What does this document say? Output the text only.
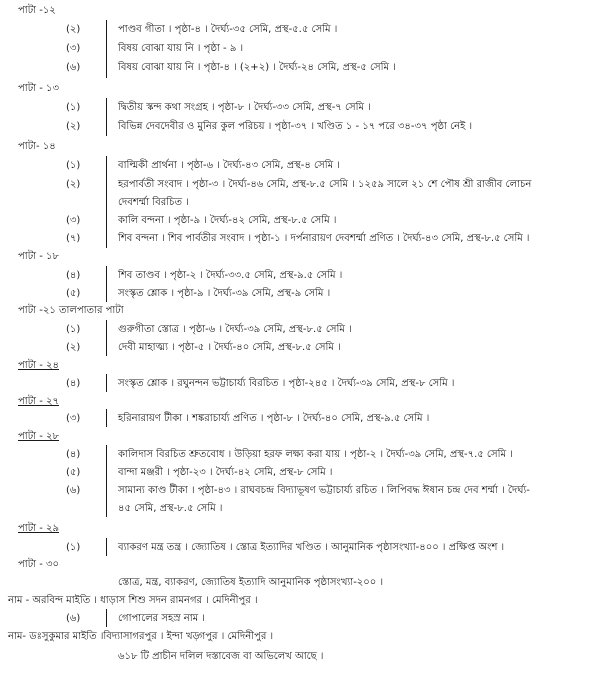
পাটা -১২
(২)	পাণ্ডব গীতা । পৃষ্ঠা-৪ । দৈর্ঘ্য-৩৫ সেমি, প্রস্থ-৫.৫ সেমি ।
(৩)	বিষয় বোঝা যায় নি । পৃষ্ঠা - ৯ ।
(৬)	বিষয় বোঝা যায় নি । পৃষ্ঠা-৪ । (২+২) । দৈর্ঘ্য-২৪ সেমি, প্রস্থ-৫ সেমি ।
পাটা - ১৩
(১)	দ্বিতীয় স্কন্দ কথা সংগ্রহ । পৃষ্ঠা-৮ । দৈর্ঘ্য-৩৩ সেমি, প্রস্থ-৭ সেমি ।
(২)	বিভিন্ন দেবদেবীর ও মুনির কুল পরিচয় । পৃষ্ঠা-৩৭ । খণ্ডিত ১ - ১৭ পরে ৩৪-৩৭ পৃষ্ঠা নেই ।
পাটা- ১৪
(১)	বাল্মিকী প্রার্থনা । পৃষ্ঠা-৬ । দৈর্ঘ্য-৪৩ সেমি, প্রস্থ-৪ সেমি ।
(২)	হরপার্বতী সংবাদ । পৃষ্ঠা-৩ । দৈর্ঘ্য-৪৬ সেমি, প্রস্থ-৮.৫ সেমি । ১২৫৯ সালে ২১ শে পৌষ শ্রী রাজীব লোচন
দেবশর্ম্মা বিরচিত ।
(৩)	কালি বন্দনা । পৃষ্ঠা-৯ । দৈর্ঘ্য-৪২ সেমি, প্রস্থ-৮.৫ সেমি ।
(৭)	শিব বন্দনা । শিব পার্বতীর সংবাদ । পৃষ্ঠা-১ । দর্পনারায়ণ দেবশর্ম্মা প্রণিত । দৈর্ঘ্য-৪৩ সেমি, প্রস্থ-৮.৫ সেমি ।
পাটা - ১৮
(৪)	শিব তাণ্ডব । পৃষ্ঠা-২ । দৈর্ঘ্য-৩৩.৫ সেমি, প্রস্থ-৯.৫ সেমি ।
(৫)	সংস্কৃত শ্লোক । পৃষ্ঠা-৯ । দৈর্ঘ্য-৩৯ সেমি, প্রস্থ-৯ সেমি ।
পাটা -২১ তালপাতার পাটা
(১)	গুরুগীতা স্তোত্র । পৃষ্ঠা-৬ । দৈর্ঘ্য-৩৯ সেমি, প্রস্থ-৮.৫ সেমি ।
(২)	দেবী মাহাত্ম্য । পৃষ্ঠা-৫ । দৈর্ঘ্য-৪০ সেমি, প্রস্থ-৮.৫ সেমি ।
পাটা - ২৪
(৪)	সংস্কৃত শ্লোক । রঘুনন্দন ভট্টাচার্য্য বিরচিত । পৃষ্ঠা-২৪৫ । দৈর্ঘ্য-৩৯ সেমি, প্রস্থ-৮ সেমি ।
পাটা - ২৭
(৩)	হরিনারায়ণ টীকা । শঙ্করাচার্য্য প্রণিত । পৃষ্ঠা-৮ । দৈর্ঘ্য-৪০ সেমি, প্রস্থ-৯.৫ সেমি ।
পাটা - ২৮
(৪)	কালিদাস বিরচিত শ্রুতবোধ । উড়িয়া হরফ লক্ষ্য করা যায় । পৃষ্ঠা-২ । দৈর্ঘ্য-৩৯ সেমি, প্রস্থ-৭.৫ সেমি ।
(৫)	বান্দা মঞ্জরী । পৃষ্ঠা-২৩ । দৈর্ঘ্য-৪২ সেমি, প্রস্থ-৮ সেমি ।
(৬)	সামান্য কাণ্ড টীকা । পৃষ্ঠা-৪৩ । রাঘবচন্দ্র বিদ্যাভূষণ ভট্টাচার্য্য রচিত । লিপিবদ্ধ ঈষান চন্দ্র দেব শর্ম্মা । দৈর্ঘ্য-
৪৫ সেমি, প্রস্থ-৮.৫ সেমি ।
পাটা - ২৯
(১)	ব্যাকরণ মন্ত্র তন্ত্র । জ্যোতিষ । স্তোত্র ইত্যাদির খণ্ডিত । আনুমানিক পৃষ্ঠাসংখ্যা-৪০০ । প্রক্ষিপ্ত অংশ ।
পাটা - ৩০
স্তোত্র, মন্ত্র, ব্যাকরণ, জ্যোতিষ ইত্যাদি আনুমানিক পৃষ্ঠাসংখ্যা-২০০ ।
নাম - অরবিন্দ মাইতি । ধাড়াস শিশু সদন রামনগর । মেদিনীপুর ।
(৬)	গোপালের সহস্র নাম ।
নাম- ডঃসুকুমার মাইতি ।বিদ্যাসাগরপুর । ইন্দা খড়্গপুর । মেদিনীপুর ।
৬১৮ টি প্রাচীন দলিল দস্তাবেজ বা অভিলেখ আছে ।
